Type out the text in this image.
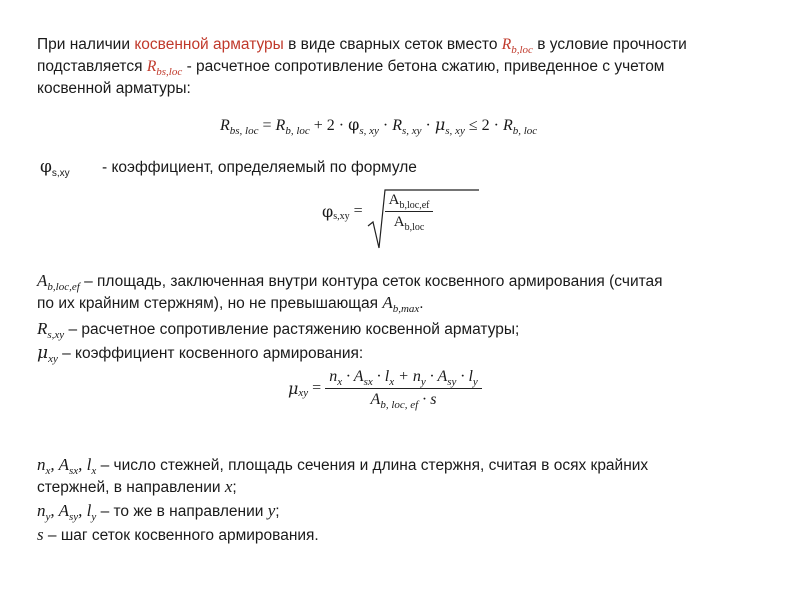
При наличии косвенной арматуры в виде сварных сеток вместо $R_{b,loc}$ в условие прочности

подставляется $R_{bs,loc}$ - расчетное сопротивление бетона сжатию, приведенное с учетом

косвенной арматуры:

$R_{bs, loc} = R_{b, loc} + 2 \cdot \varphi_{s, xy} \cdot R_{s, xy} \cdot \mu_{s, xy} \le 2 \cdot R_{b, loc}$

$\varphi_{s,xy}$ - коэффициент, определяемый по формуле

$\varphi_{s,xy} = \frac{A_{b,loc,ef}}{A_{b,loc}}$

$A_{b,loc,ef}$ – площадь, заключенная внутри контура сеток косвенного армирования (считая

по их крайним стержням), но не превышающая $A_{b,max}$.

$R_{s,xy}$ – расчетное сопротивление растяжению косвенной арматуры;

$\mu_{xy}$ – коэффициент косвенного армирования:

$\mu_{xy} = \frac{n_x \cdot A_{sx} \cdot l_x + n_y \cdot A_{sy} \cdot l_y}{A_{b, loc, ef} \cdot s}$

$n_x$, $A_{sx}$, $l_x$ – число стежней, площадь сечения и длина стержня, считая в осях крайних

стержней, в направлении x;

$n_y$, $A_{sy}$, $l_y$ – то же в направлении y;

s – шаг сеток косвенного армирования.
